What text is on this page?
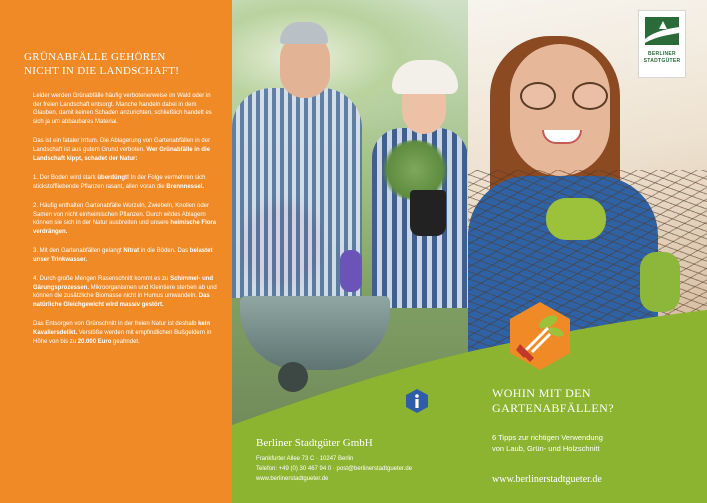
GRÜNABFÄLLE GEHÖREN
NICHT IN DIE LANDSCHAFT!

Leider werden Grünabfälle häufig verbotenerweise im Wald oder in der freien Landschaft entsorgt. Manche handeln dabei in dem Glauben, damit keinen Schaden anzurichten, schließlich handelt es sich ja um abbaubares Material.

Das ist ein fataler Irrtum. Die Ablagerung von Gartenabfällen in der Landschaft ist aus gutem Grund verboten. Wer Grünabfälle in die Landschaft kippt, schadet der Natur:

1. Der Boden wird stark überdüngt! In der Folge vermehren sich stickstoffliebende Pflanzen rasant, allen voran die Brennnessel.

2. Häufig enthalten Gartenabfälle Wurzeln, Zwiebeln, Knollen oder Samen von nicht einheimischen Pflanzen. Durch wildes Ablagern können sie sich in der Natur ausbreiten und unsere heimische Flora verdrängen.

3. Mit den Gartenabfällen gelangt Nitrat in die Böden. Das belastet unser Trinkwasser.

4. Durch große Mengen Rasenschnitt kommt es zu Schimmel- und Gärungsprozessen. Mikroorganismen und Kleintiere sterben ab und können die zusätzliche Biomasse nicht in Humus umwandeln. Das natürliche Gleichgewicht wird massiv gestört.

Das Entsorgen von Grünschnitt in der freien Natur ist deshalb kein Kavaliersdelikt. Verstöße werden mit empfindlichen Bußgeldern in Höhe von bis zu 20.000 Euro geahndet.

Berliner Stadtgüter GmbH
Frankfurter Allee 73 C · 10247 Berlin
Telefon: +49 (0) 30 467 94 0 · post@berlinerstadtgueter.de
www.berlinerstadtgueter.de
BERLINER
STADTGÜTER
WOHIN MIT DEN
GARTENABFÄLLEN?
6 Tipps zur richtigen Verwendung
von Laub, Grün- und Holzschnitt
www.berlinerstadtgueter.de
